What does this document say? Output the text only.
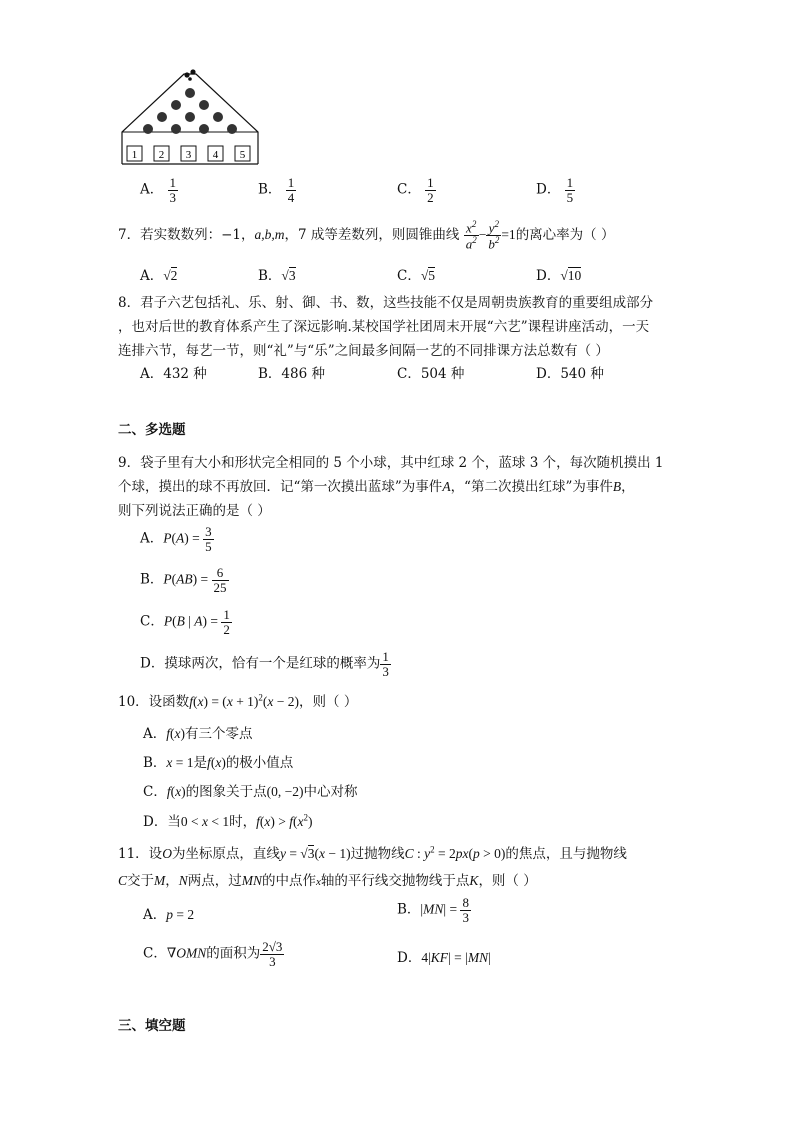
1 2 3 4 5
A． $\frac{1}{3}$	B． $\frac{1}{4}$	C． $\frac{1}{2}$	D． $\frac{1}{5}$
7．若实数数列：−1，a,b,m，7 成等差数列，则圆锥曲线 $\frac{x^2}{a^2} - \frac{y^2}{b^2} =1$的离心率为（ ）
A．√2	B．√3	C．√5	D．√10
8．君子六艺包括礼、乐、射、御、书、数，这些技能不仅是周朝贵族教育的重要组成部分
，也对后世的教育体系产生了深远影响.某校国学社团周末开展“六艺”课程讲座活动，一天
连排六节，每艺一节，则“礼”与“乐”之间最多间隔一艺的不同排课方法总数有（ ）
A．432 种	B．486 种	C．504 种	D．540 种
二、多选题
9．袋子里有大小和形状完全相同的 5 个小球，其中红球 2 个，蓝球 3 个，每次随机摸出 1
个球，摸出的球不再放回．记“第一次摸出蓝球”为事件A，“第二次摸出红球”为事件B，
则下列说法正确的是（ ）
A．$P(A) = \frac{3}{5}$
B．$P(AB) = \frac{6}{25}$
C．P(B | $A) = \frac{1}{2}$
D．摸球两次，恰有一个是红球的概率为 $\frac{1}{3}$
10．设函数$f(x) = (x + 1)^2(x - 2)$，则（ ）
A．f(x)有三个零点
B．x = 1是f(x)的极小值点
C．f(x)的图象关于点(0, −2)中心对称
D．当0 < x < 1时，$f(x) > f(x^2)$
11．设O为坐标原点，直线y = √3(x − 1)过抛物线C : $y^2 = 2px(p > 0)$的焦点，且与抛物线
C交于M，N两点，过MN的中点作x轴的平行线交抛物线于点K，则（ ）
A．p = 2	B．$|MN| = \frac{8}{3}$
C．∇OMN的面积为 $\frac{2√3}{3}$	D．4|KF| = |MN|
三、填空题
